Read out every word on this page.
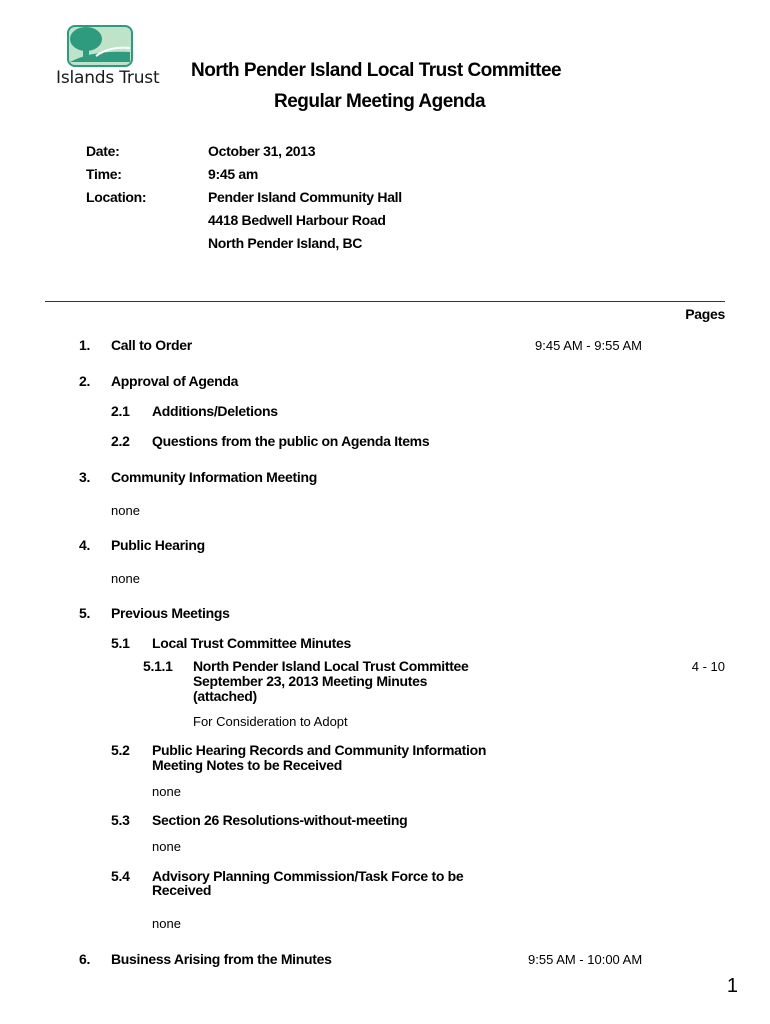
Islands Trust North Pender Island Local Trust Committee
Regular Meeting Agenda
Date:	October 31, 2013
Time:	9:45 am
Location:	Pender Island Community Hall
4418 Bedwell Harbour Road
North Pender Island, BC
Pages
1. Call to Order	9:45 AM - 9:55 AM
2. Approval of Agenda
2.1 Additions/Deletions
2.2 Questions from the public on Agenda Items
3. Community Information Meeting
none
4. Public Hearing
none
5. Previous Meetings
5.1 Local Trust Committee Minutes
5.1.1 North Pender Island Local Trust Committee
September 23, 2013 Meeting Minutes
(attached)
4 - 10
For Consideration to Adopt
5.2 Public Hearing Records and Community Information
Meeting Notes to be Received
none
5.3 Section 26 Resolutions-without-meeting
none
5.4 Advisory Planning Commission/Task Force to be
Received
none
6. Business Arising from the Minutes	9:55 AM - 10:00 AM
1
